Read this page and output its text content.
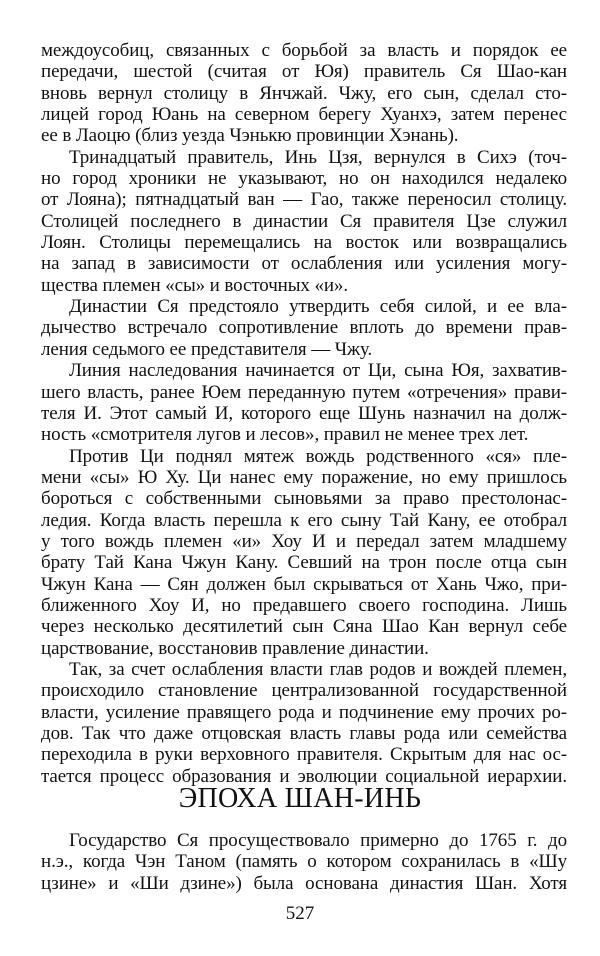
междоусобиц, связанных с борьбой за власть и порядок ее
передачи, шестой (считая от Юя) правитель Ся Шао-кан
вновь вернул столицу в Янчжай. Чжу, его сын, сделал сто-
лицей город Юань на северном берегу Хуанхэ, затем перенес
ее в Лаоцю (близ уезда Чэнькю провинции Хэнань).
Тринадцатый правитель, Инь Цзя, вернулся в Сихэ (точ-
но город хроники не указывают, но он находился недалеко
от Лояна); пятнадцатый ван — Гао, также переносил столицу.
Столицей последнего в династии Ся правителя Цзе служил
Лоян. Столицы перемещались на восток или возвращались
на запад в зависимости от ослабления или усиления могу-
щества племен «сы» и восточных «и».
Династии Ся предстояло утвердить себя силой, и ее вла-
дычество встречало сопротивление вплоть до времени прав-
ления седьмого ее представителя — Чжу.
Линия наследования начинается от Ци, сына Юя, захватив-
шего власть, ранее Юем переданную путем «отречения» прави-
теля И. Этот самый И, которого еще Шунь назначил на долж-
ность «смотрителя лугов и лесов», правил не менее трех лет.
Против Ци поднял мятеж вождь родственного «ся» пле-
мени «сы» Ю Ху. Ци нанес ему поражение, но ему пришлось
бороться с собственными сыновьями за право престолонас-
ледия. Когда власть перешла к его сыну Тай Кану, ее отобрал
у того вождь племен «и» Хоу И и передал затем младшему
брату Тай Кана Чжун Кану. Севший на трон после отца сын
Чжун Кана — Сян должен был скрываться от Хань Чжо, при-
ближенного Хоу И, но предавшего своего господина. Лишь
через несколько десятилетий сын Сяна Шао Кан вернул себе
царствование, восстановив правление династии.
Так, за счет ослабления власти глав родов и вождей племен,
происходило становление централизованной государственной
власти, усиление правящего рода и подчинение ему прочих ро-
дов. Так что даже отцовская власть главы рода или семейства
переходила в руки верховного правителя. Скрытым для нас ос-
тается процесс образования и эволюции социальной иерархии.
ЭПОХА ШАН-ИНЬ
Государство Ся просуществовало примерно до 1765 г. до
н.э., когда Чэн Таном (память о котором сохранилась в «Шу
цзине» и «Ши дзине») была основана династия Шан. Хотя
527
